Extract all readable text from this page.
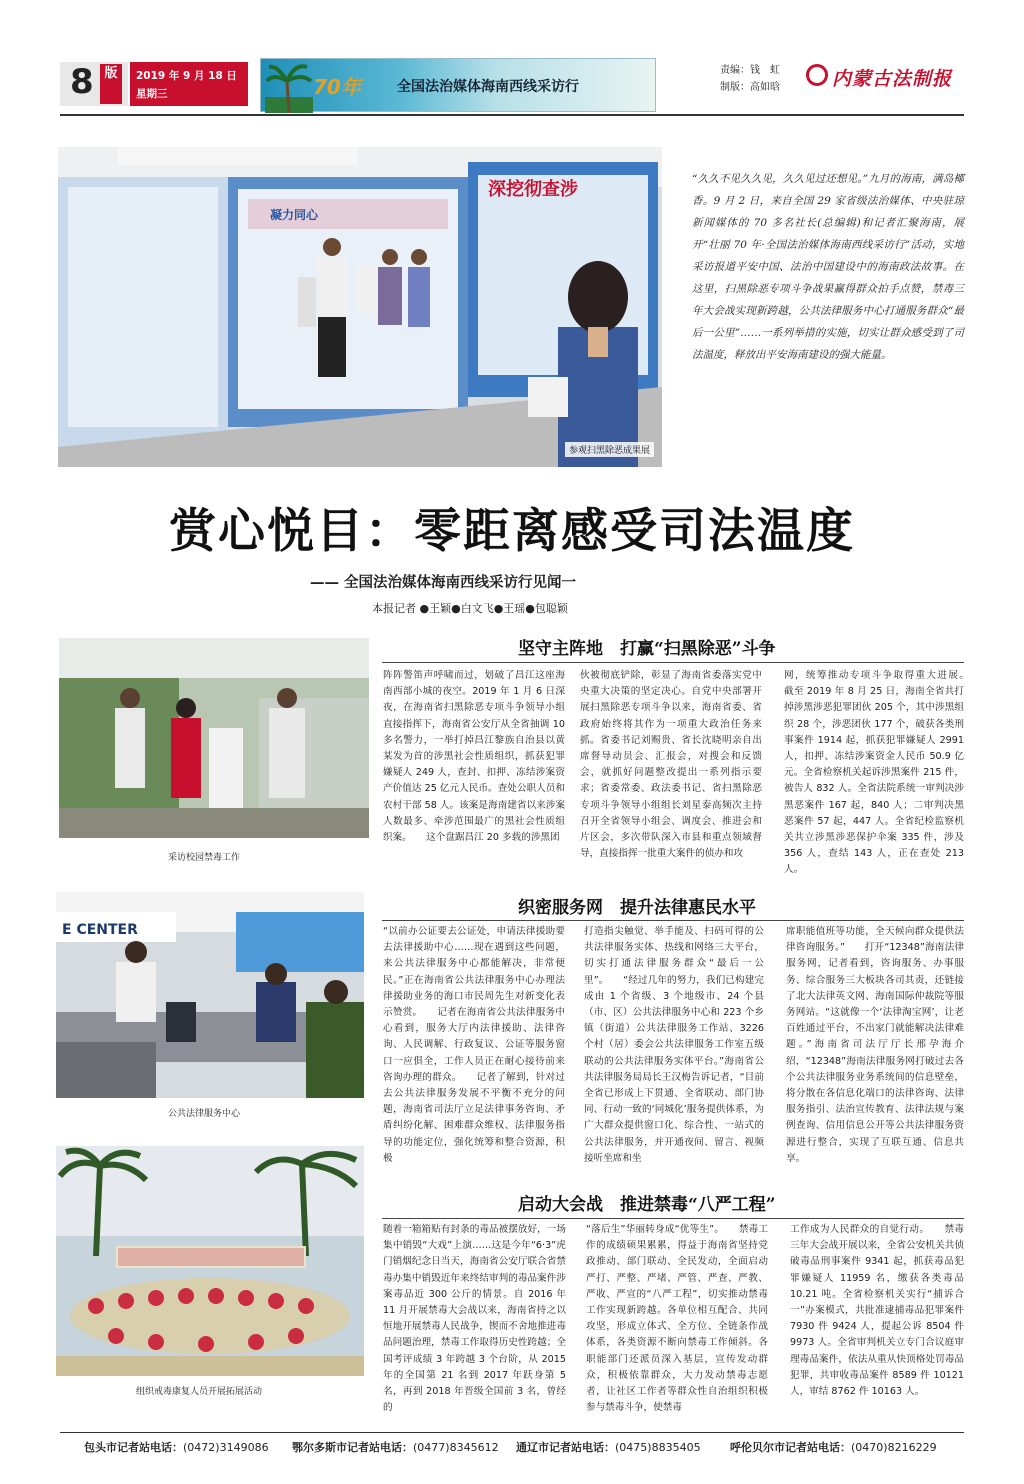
8 版	2019 年 9 月 18 日
星期三	70年	全国法治媒体海南西线采访行
责编：钱　虹
制版：高如晗	内蒙古法制报
凝力同心
深挖彻查涉
参观扫黑除恶成果展
“久久不见久久见，久久见过还想见。”九月的海南，满岛椰香。9 月 2 日，来自全国 29 家省级法治媒体、中央驻琼新闻媒体的 70 多名社长(总编辑)和记者汇聚海南，展开“壮丽 70 年·全国法治媒体海南西线采访行”活动，实地采访报道平安中国、法治中国建设中的海南政法故事。在这里，扫黑除恶专项斗争战果赢得群众拍手点赞，禁毒三年大会战实现新跨越，公共法律服务中心打通服务群众“最后一公里”……一系列举措的实施，切实让群众感受到了司法温度，释放出平安海南建设的强大能量。
赏心悦目：零距离感受司法温度
—— 全国法治媒体海南西线采访行见闻一
本报记者 ●王颖●白文飞●王瑶●包聪颖
采访校园禁毒工作
坚守主阵地　打赢“扫黑除恶”斗争
阵阵警笛声呼啸而过，划破了昌江这座海南西部小城的夜空。2019 年 1 月 6 日深夜，在海南省扫黑除恶专项斗争领导小组直接指挥下，海南省公安厅从全省抽调 10 多名警力，一举打掉昌江黎族自治县以黄某发为首的涉黑社会性质组织，抓获犯罪嫌疑人 249 人，查封、扣押、冻结涉案资产价值达 25 亿元人民币。查处公职人员和农村干部 58 人。该案是海南建省以来涉案人数最多、牵涉范围最广的黑社会性质组织案。　　这个盘踞昌江 20 多载的涉黑团
伙被彻底铲除，彰显了海南省委落实党中央重大决策的坚定决心。自党中央部署开展扫黑除恶专项斗争以来，海南省委、省政府始终将其作为一项重大政治任务来抓。省委书记刘赐贵、省长沈晓明亲自出席督导动员会、汇报会，对搜会和反馈会，就抓好问题整改提出一系列指示要求；省委常委、政法委书记、省扫黑除恶专项斗争领导小组组长刘星泰高频次主持召开全省领导小组会、调度会、推进会和片区会，多次带队深入市县和重点领域督导，直接指挥一批重大案件的侦办和攻
网，统筹推动专项斗争取得重大进展。　　截至 2019 年 8 月 25 日，海南全省共打掉涉黑涉恶犯罪团伙 205 个，其中涉黑组织 28 个，涉恶团伙 177 个，破获各类刑事案件 1914 起，抓获犯罪嫌疑人 2991 人，扣押、冻结涉案资金人民币 50.9 亿元。全省检察机关起诉涉黑案件 215 件，被告人 832 人。全省法院系统一审判决涉黑恶案件 167 起，840 人；二审判决黑恶案件 57 起，447 人。全省纪检监察机关共立涉黑涉恶保护伞案 335 件，涉及 356 人，查结 143 人，正在查处 213 人。
E CENTER
公共法律服务中心
织密服务网　提升法律惠民水平
“以前办公证要去公证处，申请法律援助要去法律援助中心……现在遇到这些问题，来公共法律服务中心都能解决，非常便民。”正在海南省公共法律服务中心办理法律援助业务的海口市民周先生对新变化表示赞赏。　　记者在海南省公共法律服务中心看到，服务大厅内法律援助、法律咨询、人民调解、行政复议、公证等服务窗口一应俱全，工作人员正在耐心接待前来咨询办理的群众。　　记者了解到，针对过去公共法律服务发展不平衡不充分的问题，海南省司法厅立足法律事务咨询、矛盾纠纷化解、困难群众维权、法律服务指导的功能定位，强化统筹和整合资源，积极
打造指尖触觉、举手能及、扫码可得的公共法律服务实体、热线和网络三大平台，切实打通法律服务群众“最后一公里”。　　“经过几年的努力，我们已构建完成由 1 个省级、3 个地级市、24 个县（市、区）公共法律服务中心和 223 个乡镇（街道）公共法律服务工作站、3226 个村（居）委会公共法律服务工作室五级联动的公共法律服务实体平台。”海南省公共法律服务局局长王汉梅告诉记者，“目前全省已形成上下贯通、全省联动、部门协同、行动一致的‘同城化’服务提供体系，为广大群众提供窗口化、综合性、一站式的公共法律服务，并开通夜间、留言、视频接听坐席和坐
席职能值班等功能，全天候向群众提供法律咨询服务。”　　打开“12348”海南法律服务网，记者看到，咨询服务、办事服务、综合服务三大板块各司其责，还链接了北大法律英文网、海南国际仲裁院等服务网站。“这就像一个‘法律淘宝网’，让老百姓通过平台，不出家门就能解决法律难题。”海南省司法厅厅长邢孕海介绍，“12348”海南法律服务网打破过去各个公共法律服务业务系统间的信息壁垒，将分散在各信息化端口的法律咨询、法律服务指引、法治宣传教育、法律法规与案例查询、信用信息公开等公共法律服务资源进行整合，实现了互联互通、信息共享。
组织戒毒康复人员开展拓展活动
启动大会战　推进禁毒“八严工程”
随着一箱箱贴有封条的毒品被摆放好，一场集中销毁“大戏”上演……这是今年“6·3”虎门销烟纪念日当天，海南省公安厅联合省禁毒办集中销毁近年来终结审判的毒品案件涉案毒品近 300 公斤的情景。自 2016 年 11 月开展禁毒大会战以来，海南省持之以恒地开展禁毒人民战争，锲而不舍地推进毒品问题治理，禁毒工作取得历史性跨越；全国考评成绩 3 年跨越 3 个台阶，从 2015 年的全国第 21 名到 2017 年跃身第 5 名，再到 2018 年晋级全国前 3 名，曾经的
“落后生”华丽转身成“优等生”。　　禁毒工作的成绩硕果累累，得益于海南省坚持党政推动、部门联动、全民发动，全面启动严打、严整、严堵、严管、严查、严教、严收、严宣的“八严工程”，切实推动禁毒工作实现新跨越。各单位相互配合、共同攻坚，形成立体式、全方位、全链条作战体系，各类资源不断向禁毒工作倾斜。各职能部门还派员深入基层，宣传发动群众，积极依靠群众，大力发动禁毒志愿者，让社区工作者等群众性自治组织积极参与禁毒斗争，使禁毒
工作成为人民群众的自觉行动。　　禁毒三年大会战开展以来，全省公安机关共侦破毒品刑事案件 9341 起，抓获毒品犯罪嫌疑人 11959 名，缴获各类毒品 10.21 吨。全省检察机关实行“捕诉合一”办案模式，共批准逮捕毒品犯罪案件 7930 件 9424 人，提起公诉 8504 件 9973 人。全省审判机关立专门合议庭审理毒品案件，依法从重从快顶格处罚毒品犯罪，共审收毒品案件 8589 件 10121 人，审结 8762 件 10163 人。
包头市记者站电话：(0472)3149086 鄂尔多斯市记者站电话：(0477)8345612 通辽市记者站电话：(0475)8835405	呼伦贝尔市记者站电话：(0470)8216229
